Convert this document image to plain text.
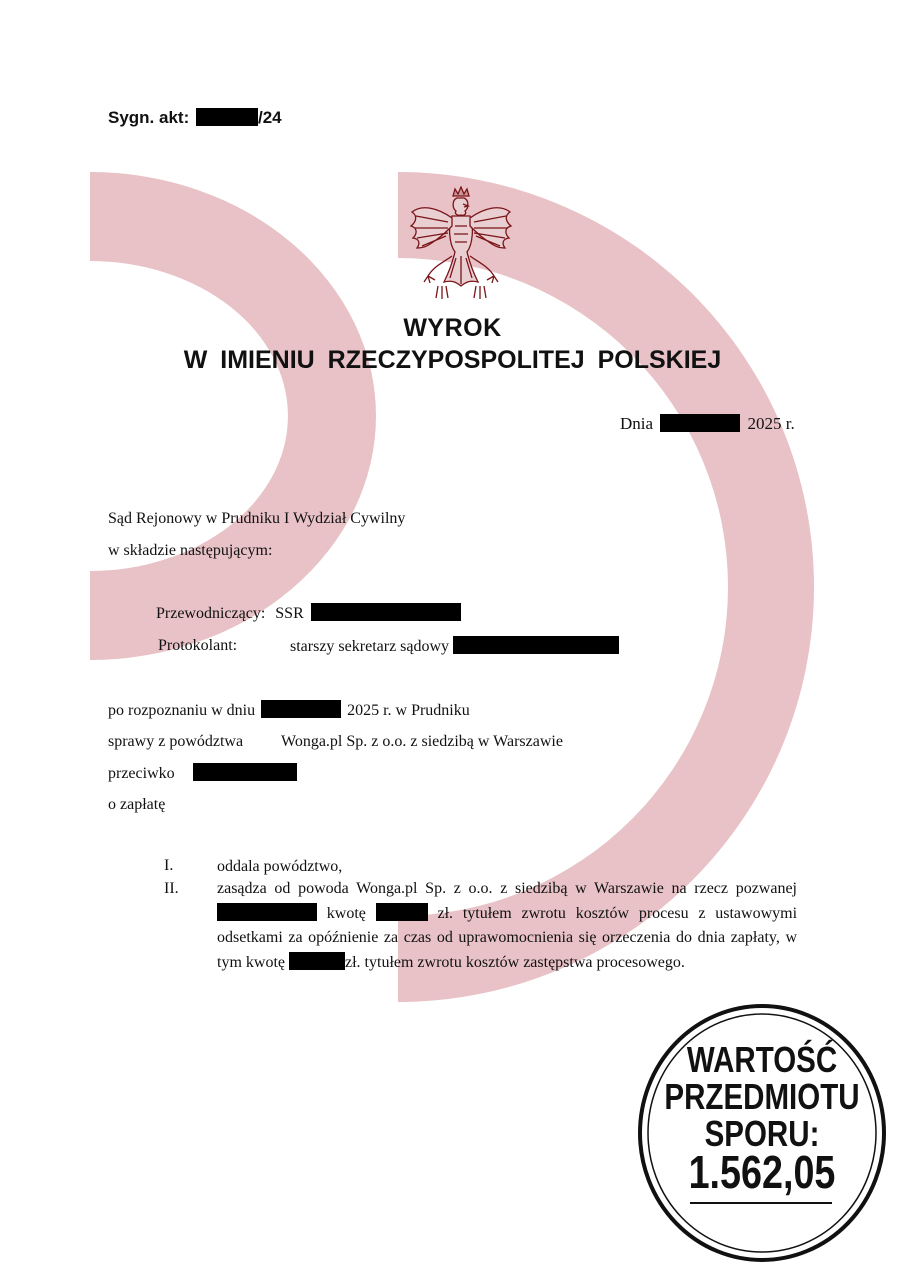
Sygn. akt:	/24
WYROK
W IMIENIU RZECZYPOSPOLITEJ POLSKIEJ
Dnia	2025 r.
Sąd Rejonowy w Prudniku I Wydział Cywilny
w składzie następującym:
Przewodniczący: SSR
Protokolant:	starszy sekretarz sądowy
po rozpoznaniu w dniu	2025 r. w Prudniku
sprawy z powództwa Wonga.pl Sp. z o.o. z siedzibą w Warszawie
przeciwko
o zapłatę
I.	oddala powództwo,
II. zasądza od powoda Wonga.pl Sp. z o.o. z siedzibą w Warszawie na rzecz pozwanej  kwotę	zł. tytułem zwrotu kosztów procesu z ustawowymi odsetkami za opóźnienie za czas od uprawomocnienia się orzeczenia do dnia zapłaty, w tym kwotę	zł. tytułem zwrotu kosztów zastępstwa procesowego.
WARTOŚĆ
PRZEDMIOTU
SPORU:
1.562,05
